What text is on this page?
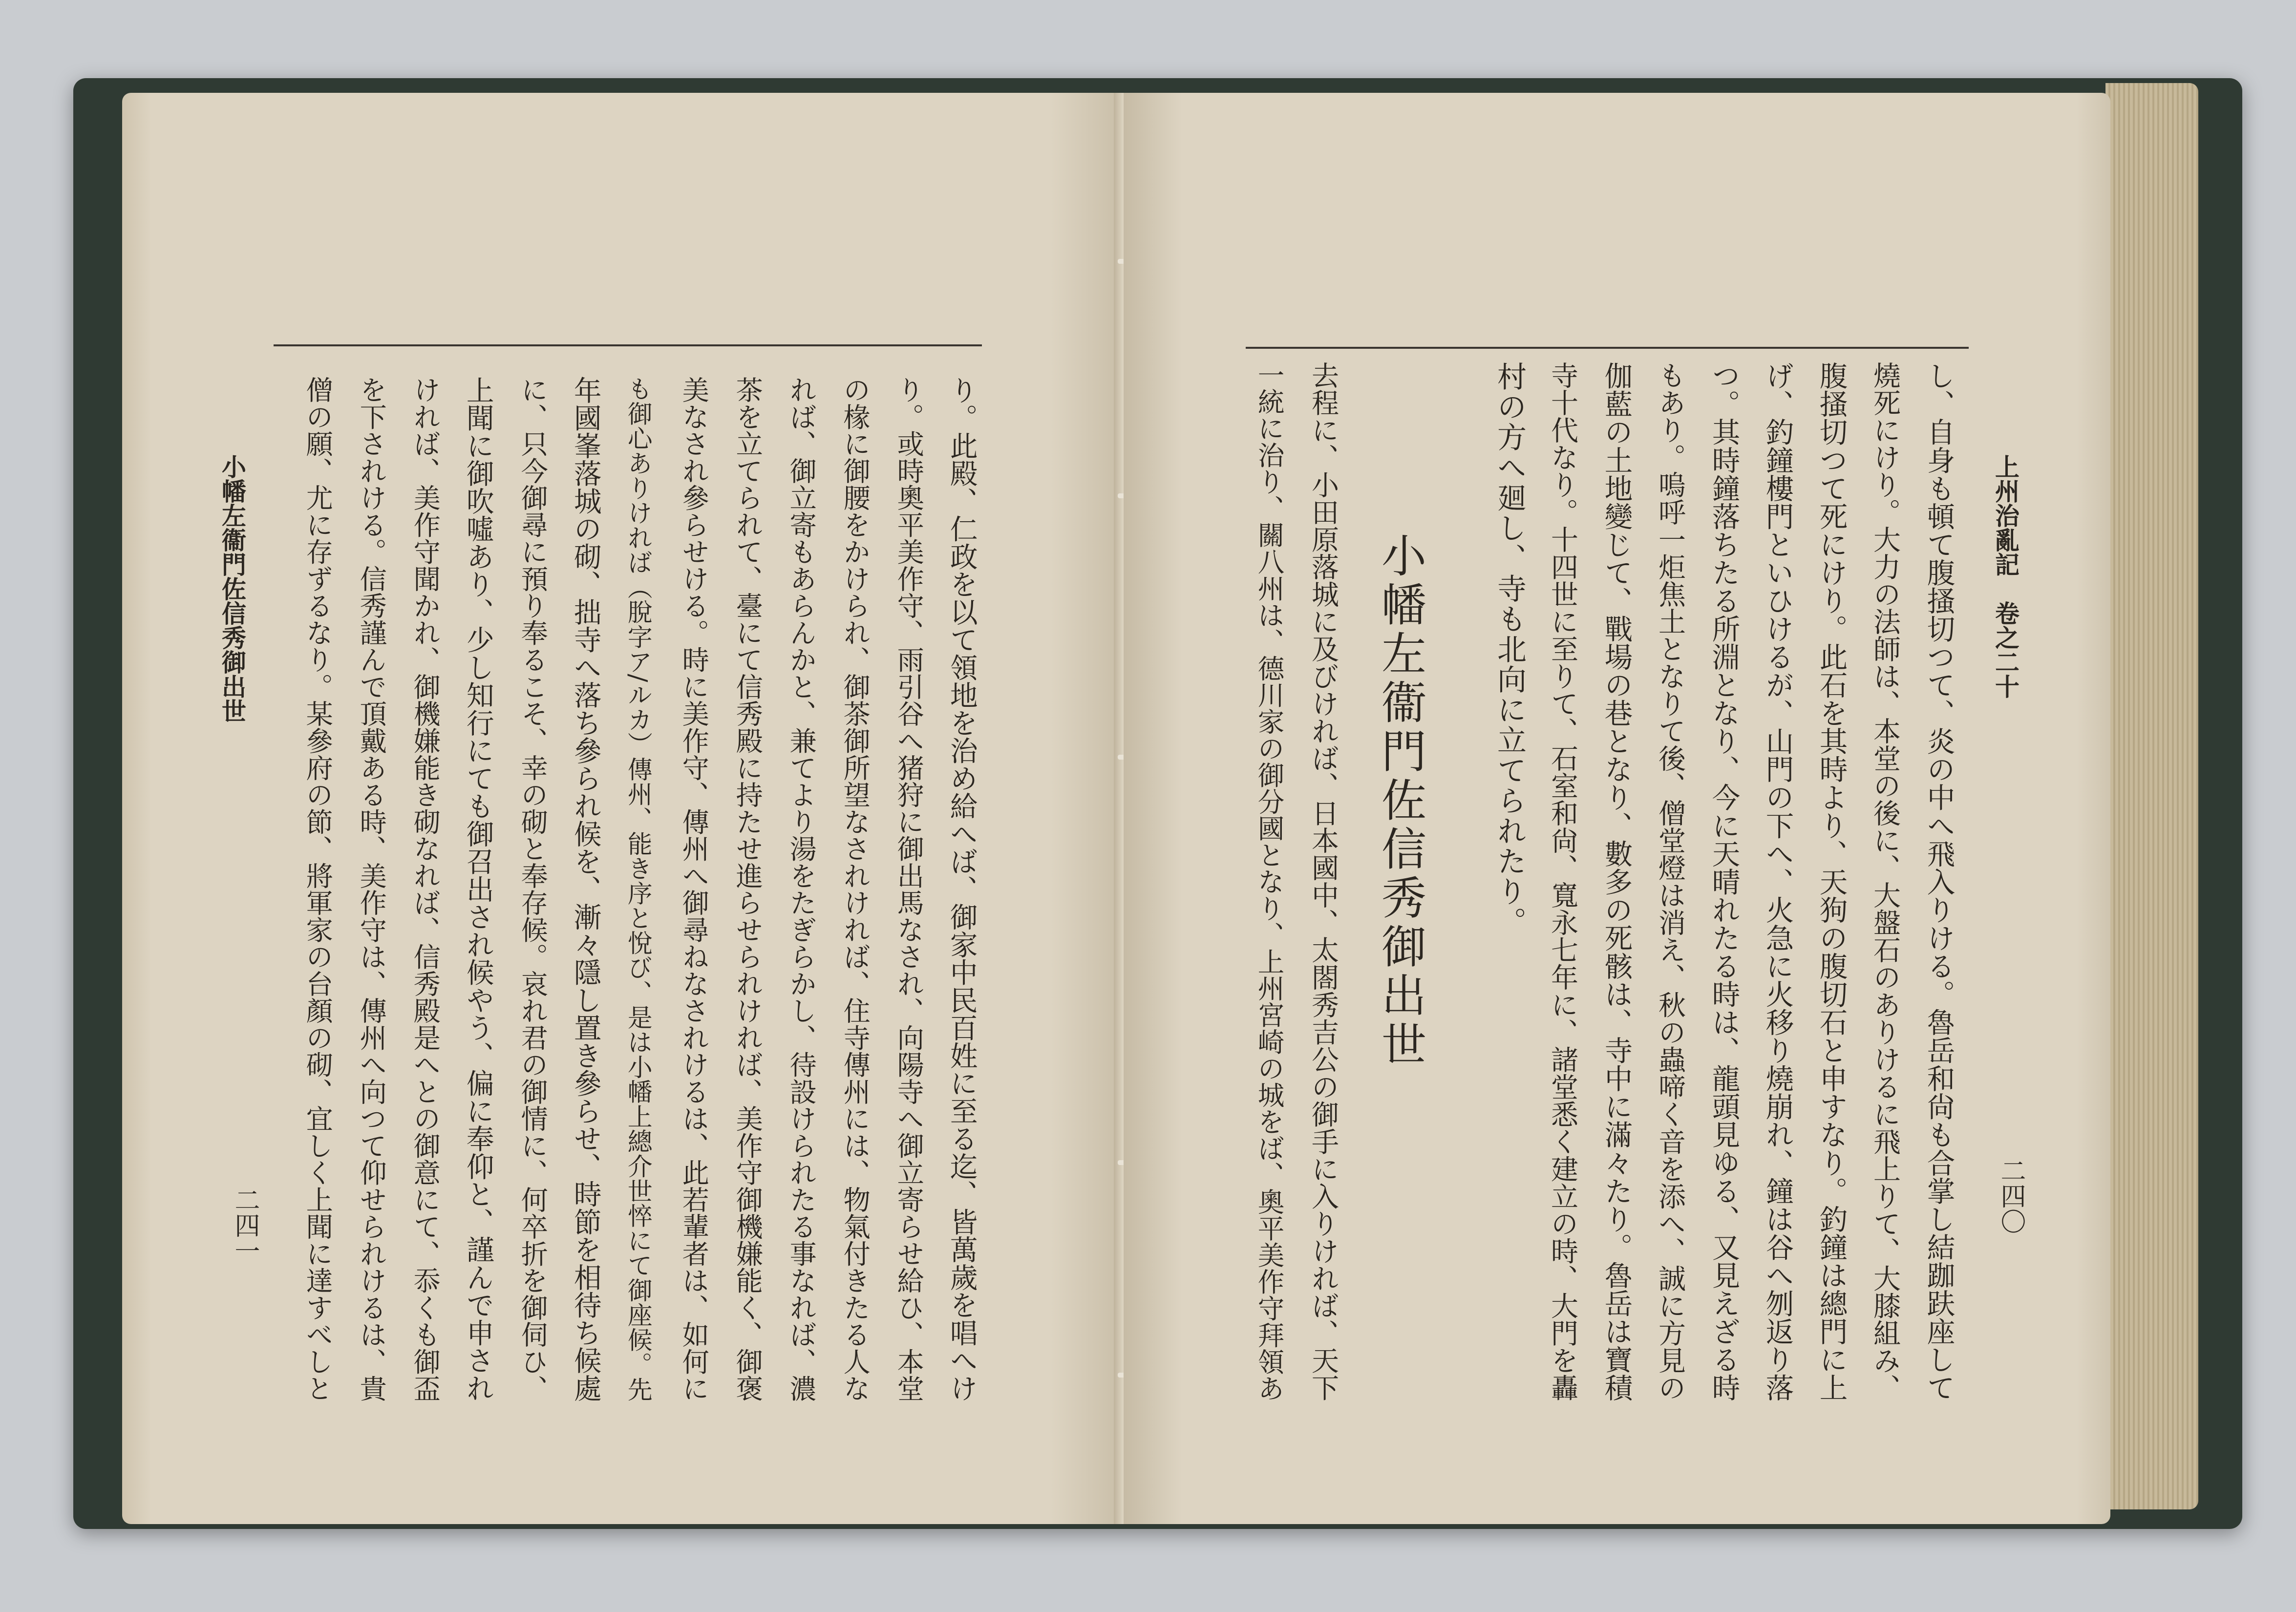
小幡左衞門佐信秀御出世
二四一	り。此殿、仁政を以て領地を治め給へば、御家中民百姓に至る迄、皆萬歲を唱へけ
り。或時奧平美作守、雨引谷へ猪狩に御出馬なされ、向陽寺へ御立寄らせ給ひ、本堂
の椽に御腰をかけられ、御茶御所望なされければ、住寺傳州には、物氣付きたる人な
れば、御立寄もあらんかと、兼てより湯をたぎらかし、待設けられたる事なれば、濃
茶を立てられて、臺にて信秀殿に持たせ進らせられければ、美作守御機嫌能く、御褒
美なされ參らせける。時に美作守、傳州へ御尋ねなされけるは、此若輩者は、如何に
も御心ありければ（脫字ア/ルカ）傳州、能き序と悅び、是は小幡上總介世悴にて御座候。先
年國峯落城の砌、拙寺へ落ち參られ候を、漸々隱し置き參らせ、時節を相待ち候處
に、只今御尋に預り奉るこそ、幸の砌と奉存候。哀れ君の御情に、何卒折を御伺ひ、
上聞に御吹噓あり、少し知行にても御召出され候やう、偏に奉仰と、謹んで申され
ければ、美作守聞かれ、御機嫌能き砌なれば、信秀殿是へとの御意にて、忝くも御盃
を下されける。信秀謹んで頂戴ある時、美作守は、傳州へ向つて仰せられけるは、貴
僧の願、尤に存ずるなり。某參府の節、將軍家の台顏の砌、宜しく上聞に達すべしと	上州治亂記　卷之二十
二四〇
し、自身も頓て腹搔切つて、炎の中へ飛入りける。魯岳和尙も合掌し結跏趺座して
燒死にけり。大力の法師は、本堂の後に、大盤石のありけるに飛上りて、大膝組み、
腹搔切つて死にけり。此石を其時より、天狗の腹切石と申すなり。釣鐘は總門に上
げ、釣鐘樓門といひけるが、山門の下へ、火急に火移り燒崩れ、鐘は谷へ刎返り落
つ。其時鐘落ちたる所淵となり、今に天晴れたる時は、龍頭見ゆる、又見えざる時
もあり。嗚呼一炬焦土となりて後、僧堂燈は消え、秋の蟲啼く音を添へ、誠に方見の
伽藍の土地變じて、戰場の巷となり、數多の死骸は、寺中に滿々たり。魯岳は寶積
寺十代なり。十四世に至りて、石室和尙、寬永七年に、諸堂悉く建立の時、大門を轟
村の方へ廻し、寺も北向に立てられたり。
小幡左衞門佐信秀御出世
去程に、小田原落城に及びければ、日本國中、太閤秀吉公の御手に入りければ、天下
一統に治り、關八州は、德川家の御分國となり、上州宮崎の城をば、奧平美作守拜領あ
